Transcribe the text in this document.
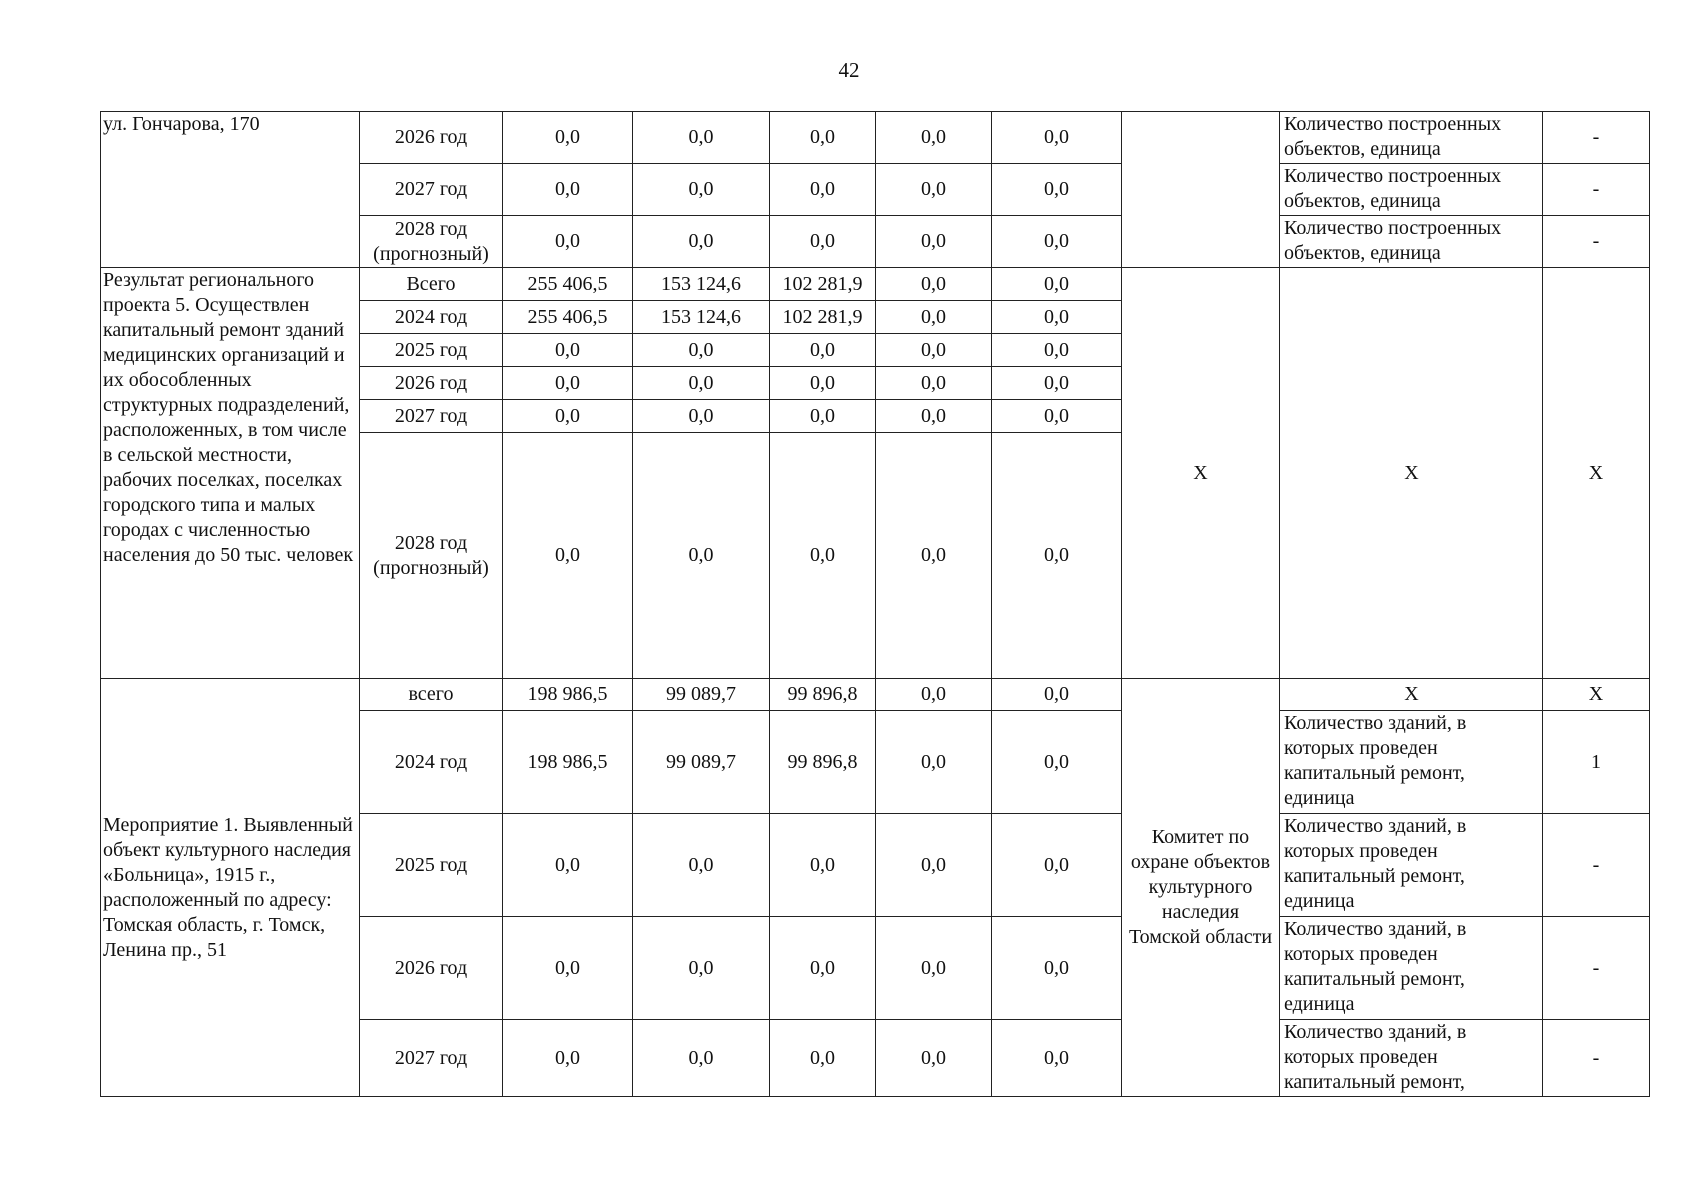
42
ул. Гончарова, 170	2026 год	0,0	0,0	0,0	0,0	0,0		Количество построенных объектов, единица	-
	2027 год	0,0	0,0	0,0	0,0	0,0		Количество построенных объектов, единица	-
	2028 год (прогнозный)	0,0	0,0	0,0	0,0	0,0		Количество построенных объектов, единица	-
Результат регионального проекта 5. Осуществлен капитальный ремонт зданий медицинских организаций и их обособленных структурных подразделений, расположенных, в том числе в сельской местности, рабочих поселках, поселках городского типа и малых городах с численностью населения до 50 тыс. человек	Всего	255 406,5	153 124,6	102 281,9	0,0	0,0	X	X	X
	2024 год	255 406,5	153 124,6	102 281,9	0,0	0,0			
	2025 год	0,0	0,0	0,0	0,0	0,0			
	2026 год	0,0	0,0	0,0	0,0	0,0			
	2027 год	0,0	0,0	0,0	0,0	0,0			
	2028 год (прогнозный)	0,0	0,0	0,0	0,0	0,0			
Мероприятие 1. Выявленный объект культурного наследия «Больница», 1915 г., расположенный по адресу: Томская область, г. Томск, Ленина пр., 51	всего	198 986,5	99 089,7	99 896,8	0,0	0,0	Комитет по охране объектов культурного наследия Томской области	X	X
	2024 год	198 986,5	99 089,7	99 896,8	0,0	0,0		Количество зданий, в которых проведен капитальный ремонт, единица	1
	2025 год	0,0	0,0	0,0	0,0	0,0		Количество зданий, в которых проведен капитальный ремонт, единица	-
	2026 год	0,0	0,0	0,0	0,0	0,0		Количество зданий, в которых проведен капитальный ремонт, единица	-
	2027 год	0,0	0,0	0,0	0,0	0,0		Количество зданий, в которых проведен капитальный ремонт,	-
